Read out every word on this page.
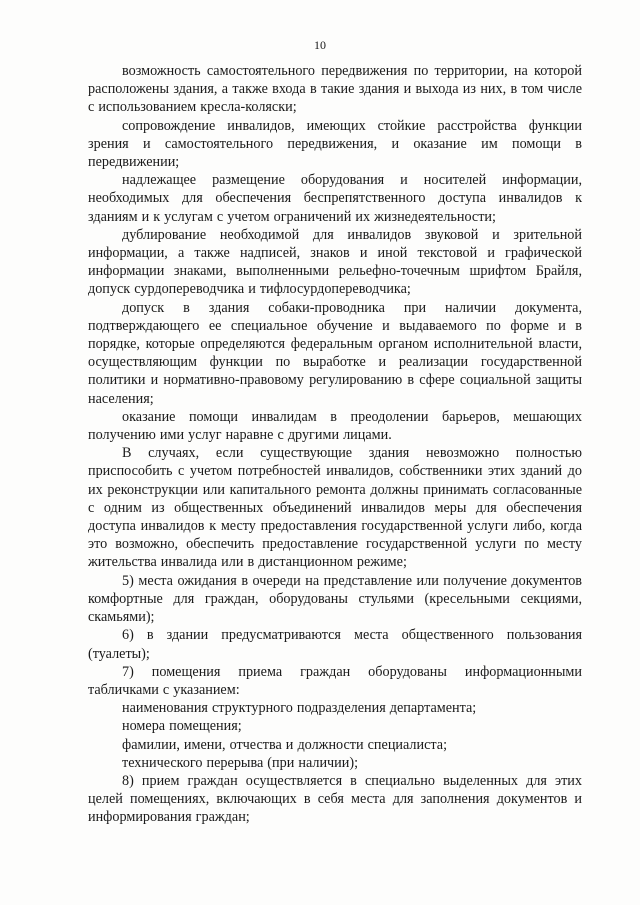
10

возможность самостоятельного передвижения по территории, на которой расположены здания, а также входа в такие здания и выхода из них, в том числе с использованием кресла-коляски;

сопровождение инвалидов, имеющих стойкие расстройства функции зрения и самостоятельного передвижения, и оказание им помощи в передвижении;

надлежащее размещение оборудования и носителей информации, необходимых для обеспечения беспрепятственного доступа инвалидов к зданиям и к услугам с учетом ограничений их жизнедеятельности;

дублирование необходимой для инвалидов звуковой и зрительной информации, а также надписей, знаков и иной текстовой и графической информации знаками, выполненными рельефно-точечным шрифтом Брайля, допуск сурдопереводчика и тифлосурдопереводчика;

допуск в здания собаки-проводника при наличии документа, подтверждающего ее специальное обучение и выдаваемого по форме и в порядке, которые определяются федеральным органом исполнительной власти, осуществляющим функции по выработке и реализации государственной политики и нормативно-правовому регулированию в сфере социальной защиты населения;

оказание помощи инвалидам в преодолении барьеров, мешающих получению ими услуг наравне с другими лицами.

В случаях, если существующие здания невозможно полностью приспособить с учетом потребностей инвалидов, собственники этих зданий до их реконструкции или капитального ремонта должны принимать согласованные с одним из общественных объединений инвалидов меры для обеспечения доступа инвалидов к месту предоставления государственной услуги либо, когда это возможно, обеспечить предоставление государственной услуги по месту жительства инвалида или в дистанционном режиме;

5) места ожидания в очереди на представление или получение документов комфортные для граждан, оборудованы стульями (кресельными секциями, скамьями);

6) в здании предусматриваются места общественного пользования (туалеты);

7) помещения приема граждан оборудованы информационными табличками с указанием:

наименования структурного подразделения департамента;

номера помещения;

фамилии, имени, отчества и должности специалиста;

технического перерыва (при наличии);

8) прием граждан осуществляется в специально выделенных для этих целей помещениях, включающих в себя места для заполнения документов и информирования граждан;
